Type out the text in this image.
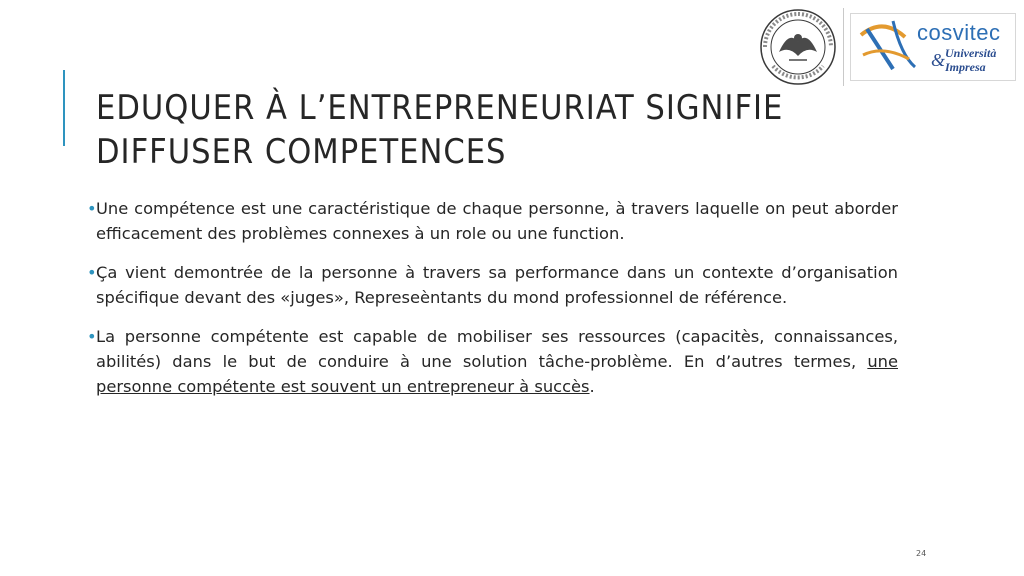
EDUQUER À L’ENTREPRENEURIAT SIGNIFIE DIFFUSER COMPETENCES
cosvitec
Università
& Impresa
• Une compétence est une caractéristique de chaque personne, à travers laquelle on peut aborder efficacement des problèmes connexes à un role ou une function.
• Ça vient demontrée de la personne à travers sa performance dans un contexte d’organisation spécifique devant des «juges», Represeèntants du mond professionnel de référence.
• La personne compétente est capable de mobiliser ses ressources (capacitès, connaissances, abilités) dans le but de conduire à une solution tâche-problème. En d’autres termes, une personne compétente est souvent un entrepreneur à succès.
24
